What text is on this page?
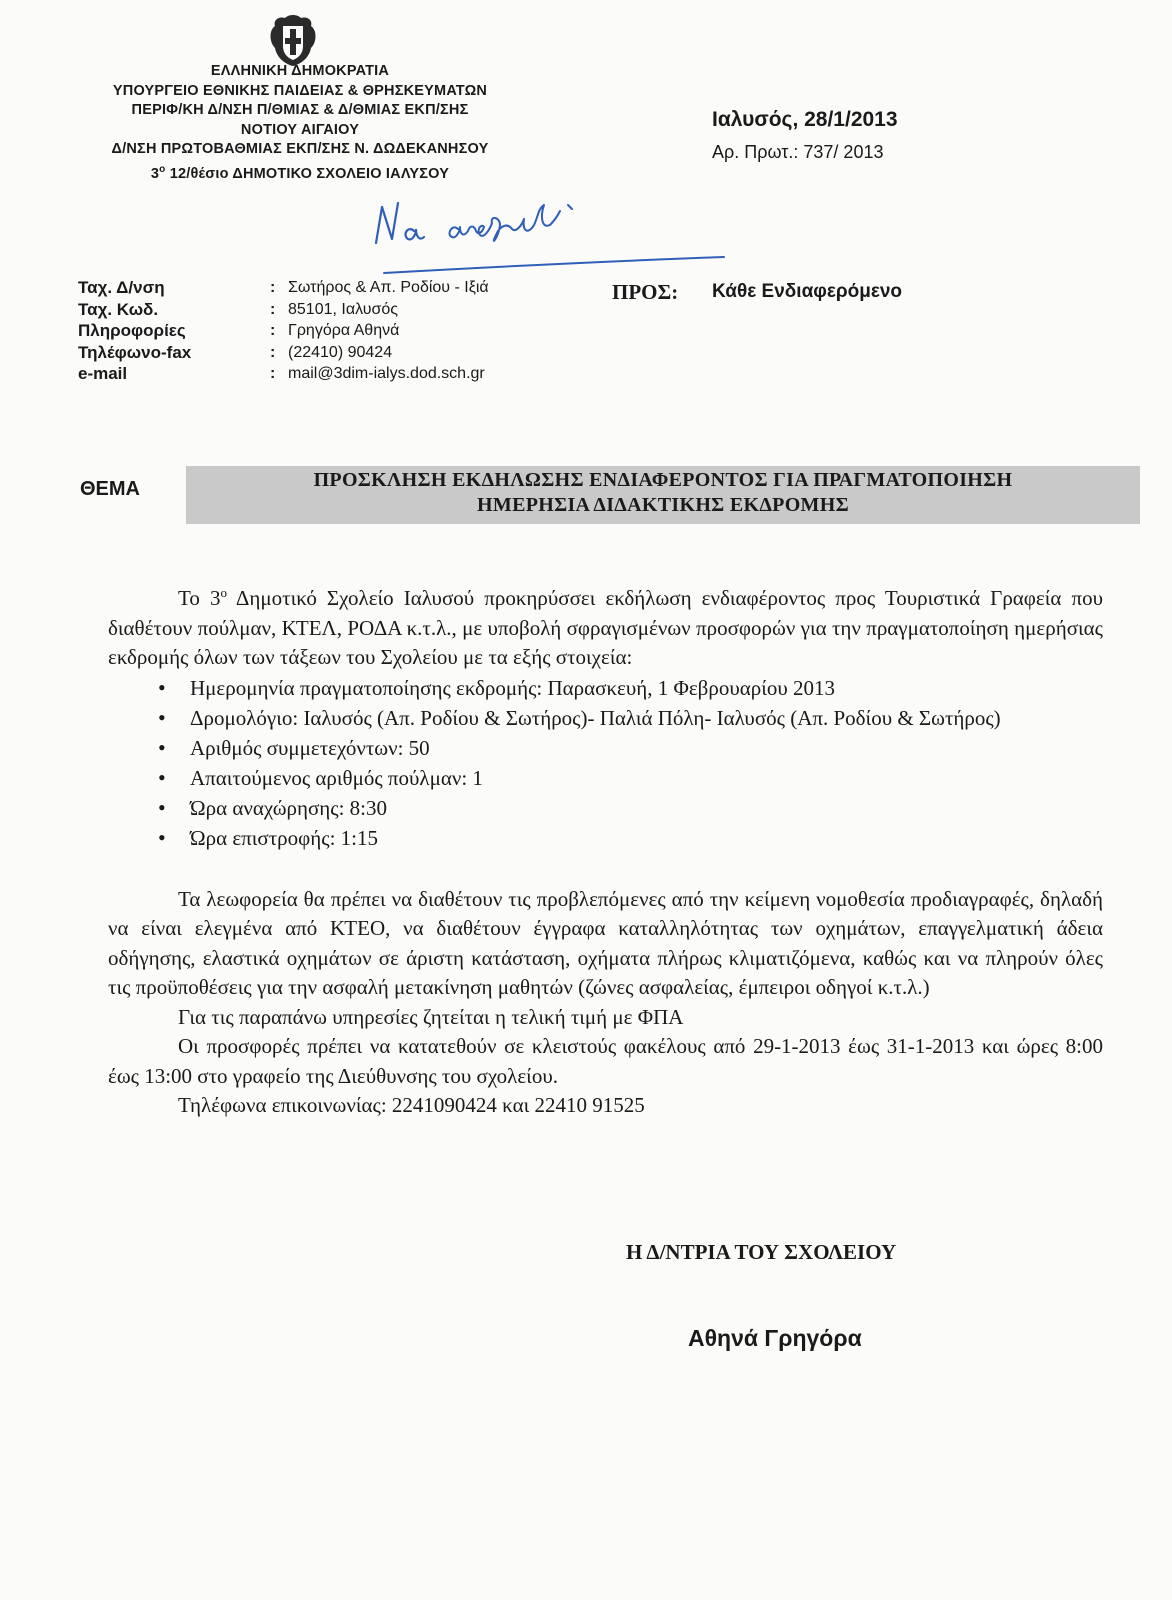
ΕΛΛΗΝΙΚΗ ΔΗΜΟΚΡΑΤΙΑ
ΥΠΟΥΡΓΕΙΟ ΕΘΝΙΚΗΣ ΠΑΙΔΕΙΑΣ & ΘΡΗΣΚΕΥΜΑΤΩΝ
ΠΕΡΙΦ/ΚΗ Δ/ΝΣΗ Π/ΘΜΙΑΣ & Δ/ΘΜΙΑΣ ΕΚΠ/ΣΗΣ
ΝΟΤΙΟΥ ΑΙΓΑΙΟΥ
Δ/ΝΣΗ ΠΡΩΤΟΒΑΘΜΙΑΣ ΕΚΠ/ΣΗΣ Ν. ΔΩΔΕΚΑΝΗΣΟΥ
$3^o$ 12/θέσιο ΔΗΜΟΤΙΚΟ ΣΧΟΛΕΙΟ ΙΑΛΥΣΟΥ
Ιαλυσός, 28/1/2013
Αρ. Πρωτ.: 737/ 2013
Ταχ. Δ/νση
Ταχ. Κωδ.
Πληροφορίες
Τηλέφωνο-fax
e-mail
: Σωτήρος & Απ. Ροδίου - Ιξιά
: 85101, Ιαλυσός
: Γρηγόρα Αθηνά
: (22410) 90424
: mail@3dim-ialys.dod.sch.gr
ΠΡΟΣ: Κάθε Ενδιαφερόμενο
ΘΕΜΑ	ΠΡΟΣΚΛΗΣΗ ΕΚΔΗΛΩΣΗΣ ΕΝΔΙΑΦΕΡΟΝΤΟΣ ΓΙΑ ΠΡΑΓΜΑΤΟΠΟΙΗΣΗ
ΗΜΕΡΗΣΙΑ ΔΙΔΑΚΤΙΚΗΣ ΕΚΔΡΟΜΗΣ

Το $3^o$ Δημοτικό Σχολείο Ιαλυσού προκηρύσσει εκδήλωση ενδιαφέροντος προς Τουριστικά Γραφεία που διαθέτουν πούλμαν, ΚΤΕΛ, ΡΟΔΑ κ.τ.λ., με υποβολή σφραγισμένων προσφορών για την πραγματοποίηση ημερήσιας εκδρομής όλων των τάξεων του Σχολείου με τα εξής στοιχεία:

• Ημερομηνία πραγματοποίησης εκδρομής: Παρασκευή, 1 Φεβρουαρίου 2013
• Δρομολόγιο: Ιαλυσός (Απ. Ροδίου & Σωτήρος)- Παλιά Πόλη- Ιαλυσός (Απ. Ροδίου & Σωτήρος)
• Αριθμός συμμετεχόντων: 50
• Απαιτούμενος αριθμός πούλμαν: 1
• Ώρα αναχώρησης: 8:30
• Ώρα επιστροφής: 1:15

Τα λεωφορεία θα πρέπει να διαθέτουν τις προβλεπόμενες από την κείμενη νομοθεσία προδιαγραφές, δηλαδή να είναι ελεγμένα από ΚΤΕΟ, να διαθέτουν έγγραφα καταλληλότητας των οχημάτων, επαγγελματική άδεια οδήγησης, ελαστικά οχημάτων σε άριστη κατάσταση, οχήματα πλήρως κλιματιζόμενα, καθώς και να πληρούν όλες τις προϋποθέσεις για την ασφαλή μετακίνηση μαθητών (ζώνες ασφαλείας, έμπειροι οδηγοί κ.τ.λ.)

Για τις παραπάνω υπηρεσίες ζητείται η τελική τιμή με ΦΠΑ

Οι προσφορές πρέπει να κατατεθούν σε κλειστούς φακέλους από 29-1-2013 έως 31-1-2013 και ώρες 8:00 έως 13:00 στο γραφείο της Διεύθυνσης του σχολείου.

Τηλέφωνα επικοινωνίας: 2241090424 και 22410 91525

Η Δ/ΝΤΡΙΑ ΤΟΥ ΣΧΟΛΕΙΟΥ
Αθηνά Γρηγόρα
